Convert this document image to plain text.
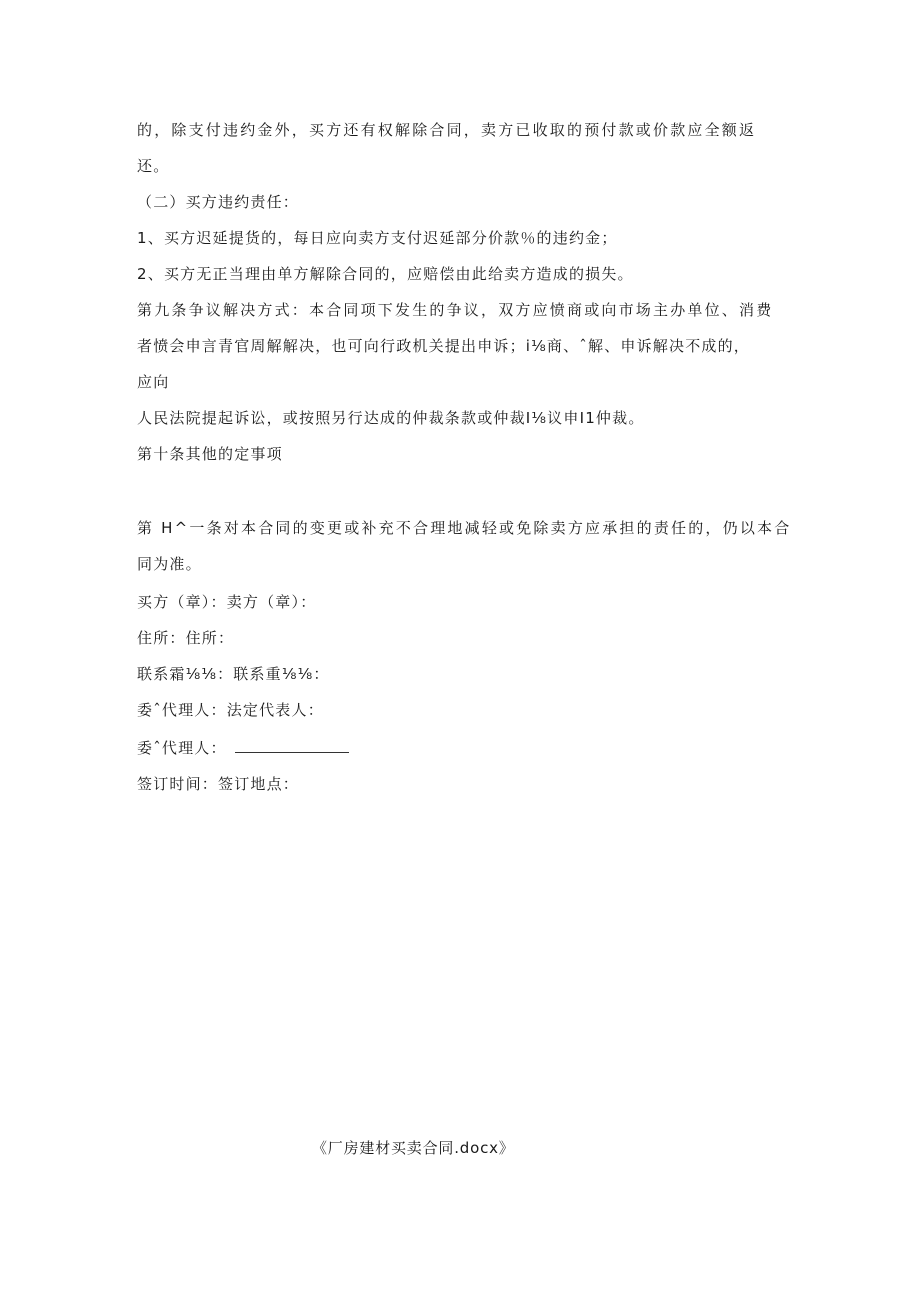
的，除支付违约金外，买方还有权解除合同，卖方已收取的预付款或价款应全额返
还。
（二）买方违约责任：
1、买方迟延提货的，每日应向卖方支付迟延部分价款％的违约金；
2、买方无正当理由单方解除合同的，应赔偿由此给卖方造成的损失。
第九条争议解决方式：本合同项下发生的争议，双方应愤商或向市场主办单位、消费
者愤会申言青官周解解决，也可向行政机关提出申诉；i⅛商、ˆ解、申诉解决不成的，
应向
人民法院提起诉讼，或按照另行达成的仲裁条款或仲裁I⅛议申I1仲裁。
第十条其他的定事项
第 H^一条对本合同的变更或补充不合理地减轻或免除卖方应承担的责任的，仍以本合
同为准。
买方（章）：卖方（章）：
住所：住所：
联系霜⅛⅛：联系重⅛⅛：
委ˆ代理人：法定代表人：
委ˆ代理人：
签订时间：签订地点：
《厂房建材买卖合同.docx》
